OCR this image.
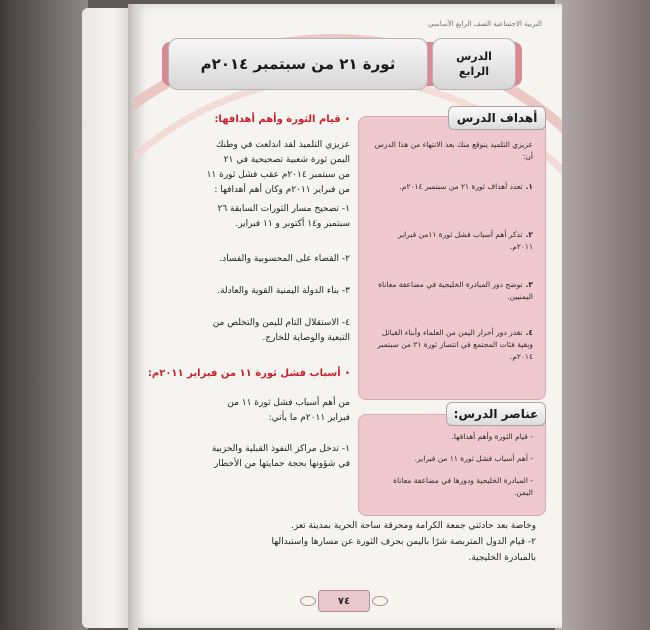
التربية الاجتماعية الصف الرابع الأساسي
ثورة ٢١ من سبتمبر ٢٠١٤م	الدرس
الرابع
عزيزي التلميذ يتوقع منك بعد الانتهاء من هذا الدرس أن:
١.تعدد أهداف ثورة ٢١ من سبتمبر ٢٠١٤م.
٢.تذكر أهم أسباب فشل ثورة ١١من فبراير ٢٠١١م.
٣.توضح دور المبادرة الخليجية في مضاعفة معاناة اليمنيين.
٤.تقدر دور أحرار اليمن من العلماء وأبناء القبائل وبقية فئات المجتمع في انتصار ثورة ٢١ من سبتمبر ٢٠١٤م.
أهداف الدرس
- قيام الثورة وأهم أهدافها.
- أهم أسباب فشل ثورة ١١ من فبراير.
- المبادرة الخليجية ودورها في مضاعفة معاناة اليمن.
عناصر الدرس:
•قيام الثورة وأهم أهدافها:
عزيزي التلميذ لقد اندلعت في وطنك
اليمن ثورة شعبية تصحيحية في ٢١
من سبتمبر ٢٠١٤م عقب فشل ثورة ١١
من فبراير ٢٠١١م وكان أهم أهدافها :
١- تصحيح مسار الثورات السابقة ٢٦
سبتمبر و١٤ أكتوبر و ١١ فبراير.
٢- القضاء على المحسوبية والفساد.
٣- بناء الدولة اليمنية القوية والعادلة.
٤- الاستقلال التام لليمن والتخلص من
التبعية والوصاية للخارج.
•أسباب فشل ثورة ١١ من فبراير ٢٠١١م:
من أهم أسباب فشل ثورة ١١ من
فبراير ٢٠١١م ما يأتي:
١- تدخل مراكز النفوذ القبلية والحزبية
في شؤونها بحجة حمايتها من الأخطار
وخاصة بعد حادثتي جمعة الكرامة ومحرقة ساحة الحرية بمدينة تعز.
٢- قيام الدول المتربصة شرًا باليمن بحرف الثورة عن مسارها واستبدالها
بالمبادرة الخليجية.
٧٤
